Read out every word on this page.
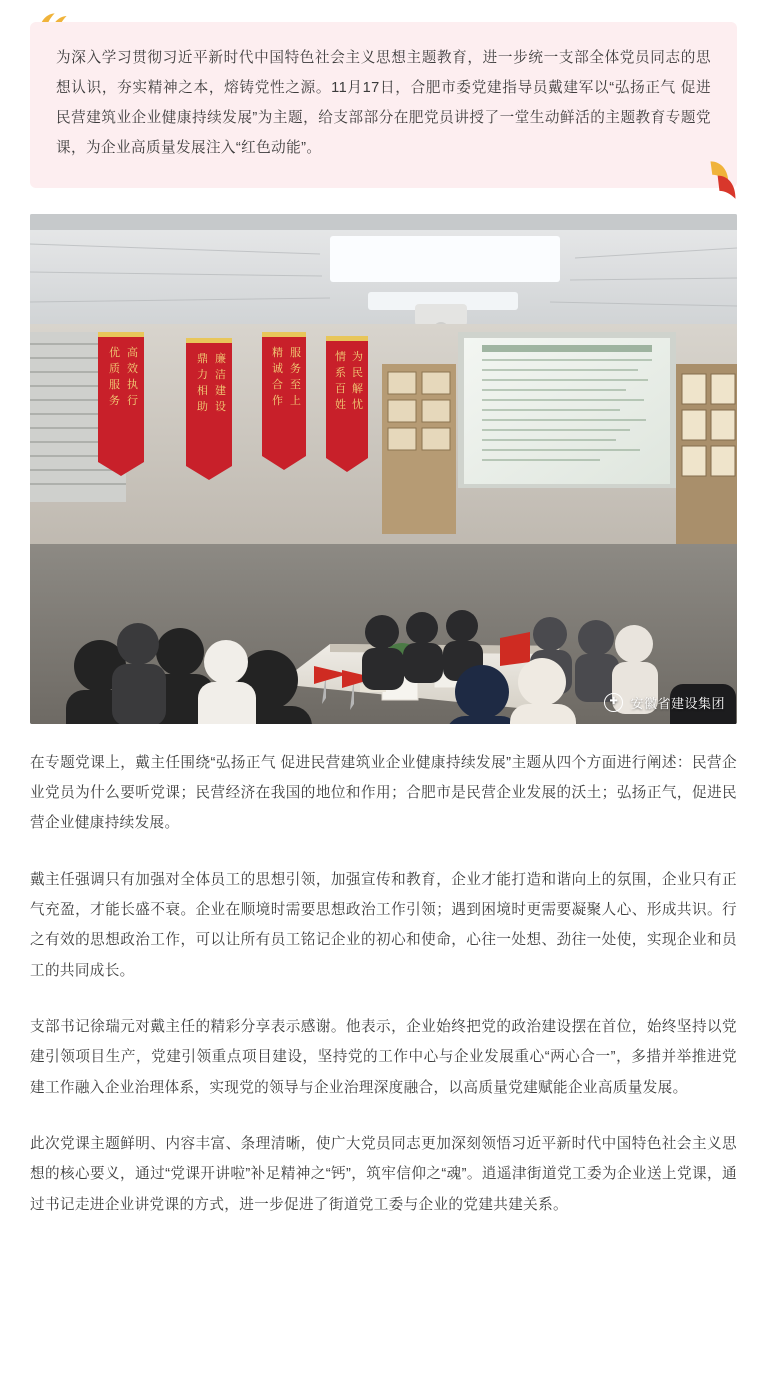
为深入学习贯彻习近平新时代中国特色社会主义思想主题教育，进一步统一支部全体党员同志的思想认识，夯实精神之本，熔铸党性之源。11月17日，合肥市委党建指导员戴建军以“弘扬正气 促进民营建筑业企业健康持续发展”为主题，给支部部分在肥党员讲授了一堂生动鲜活的主题教育专题党课，为企业高质量发展注入“红色动能”。
优
质
服
务
高
效
执
行
鼎
力
相
助
廉
洁
建
设
精
诚
合
作
服
务
至
上
情
系
百
姓
为
民
解
忧
✚ 安徽省建设集团

在专题党课上，戴主任围绕“弘扬正气 促进民营建筑业企业健康持续发展”主题从四个方面进行阐述：民营企业党员为什么要听党课；民营经济在我国的地位和作用；合肥市是民营企业发展的沃土；弘扬正气，促进民营企业健康持续发展。

戴主任强调只有加强对全体员工的思想引领，加强宣传和教育，企业才能打造和谐向上的氛围，企业只有正气充盈，才能长盛不衰。企业在顺境时需要思想政治工作引领；遇到困境时更需要凝聚人心、形成共识。行之有效的思想政治工作，可以让所有员工铭记企业的初心和使命，心往一处想、劲往一处使，实现企业和员工的共同成长。

支部书记徐瑞元对戴主任的精彩分享表示感谢。他表示，企业始终把党的政治建设摆在首位，始终坚持以党建引领项目生产，党建引领重点项目建设，坚持党的工作中心与企业发展重心“两心合一”，多措并举推进党建工作融入企业治理体系，实现党的领导与企业治理深度融合，以高质量党建赋能企业高质量发展。

此次党课主题鲜明、内容丰富、条理清晰，使广大党员同志更加深刻领悟习近平新时代中国特色社会主义思想的核心要义，通过“党课开讲啦”补足精神之“钙”，筑牢信仰之“魂”。逍遥津街道党工委为企业送上党课，通过书记走进企业讲党课的方式，进一步促进了街道党工委与企业的党建共建关系。
